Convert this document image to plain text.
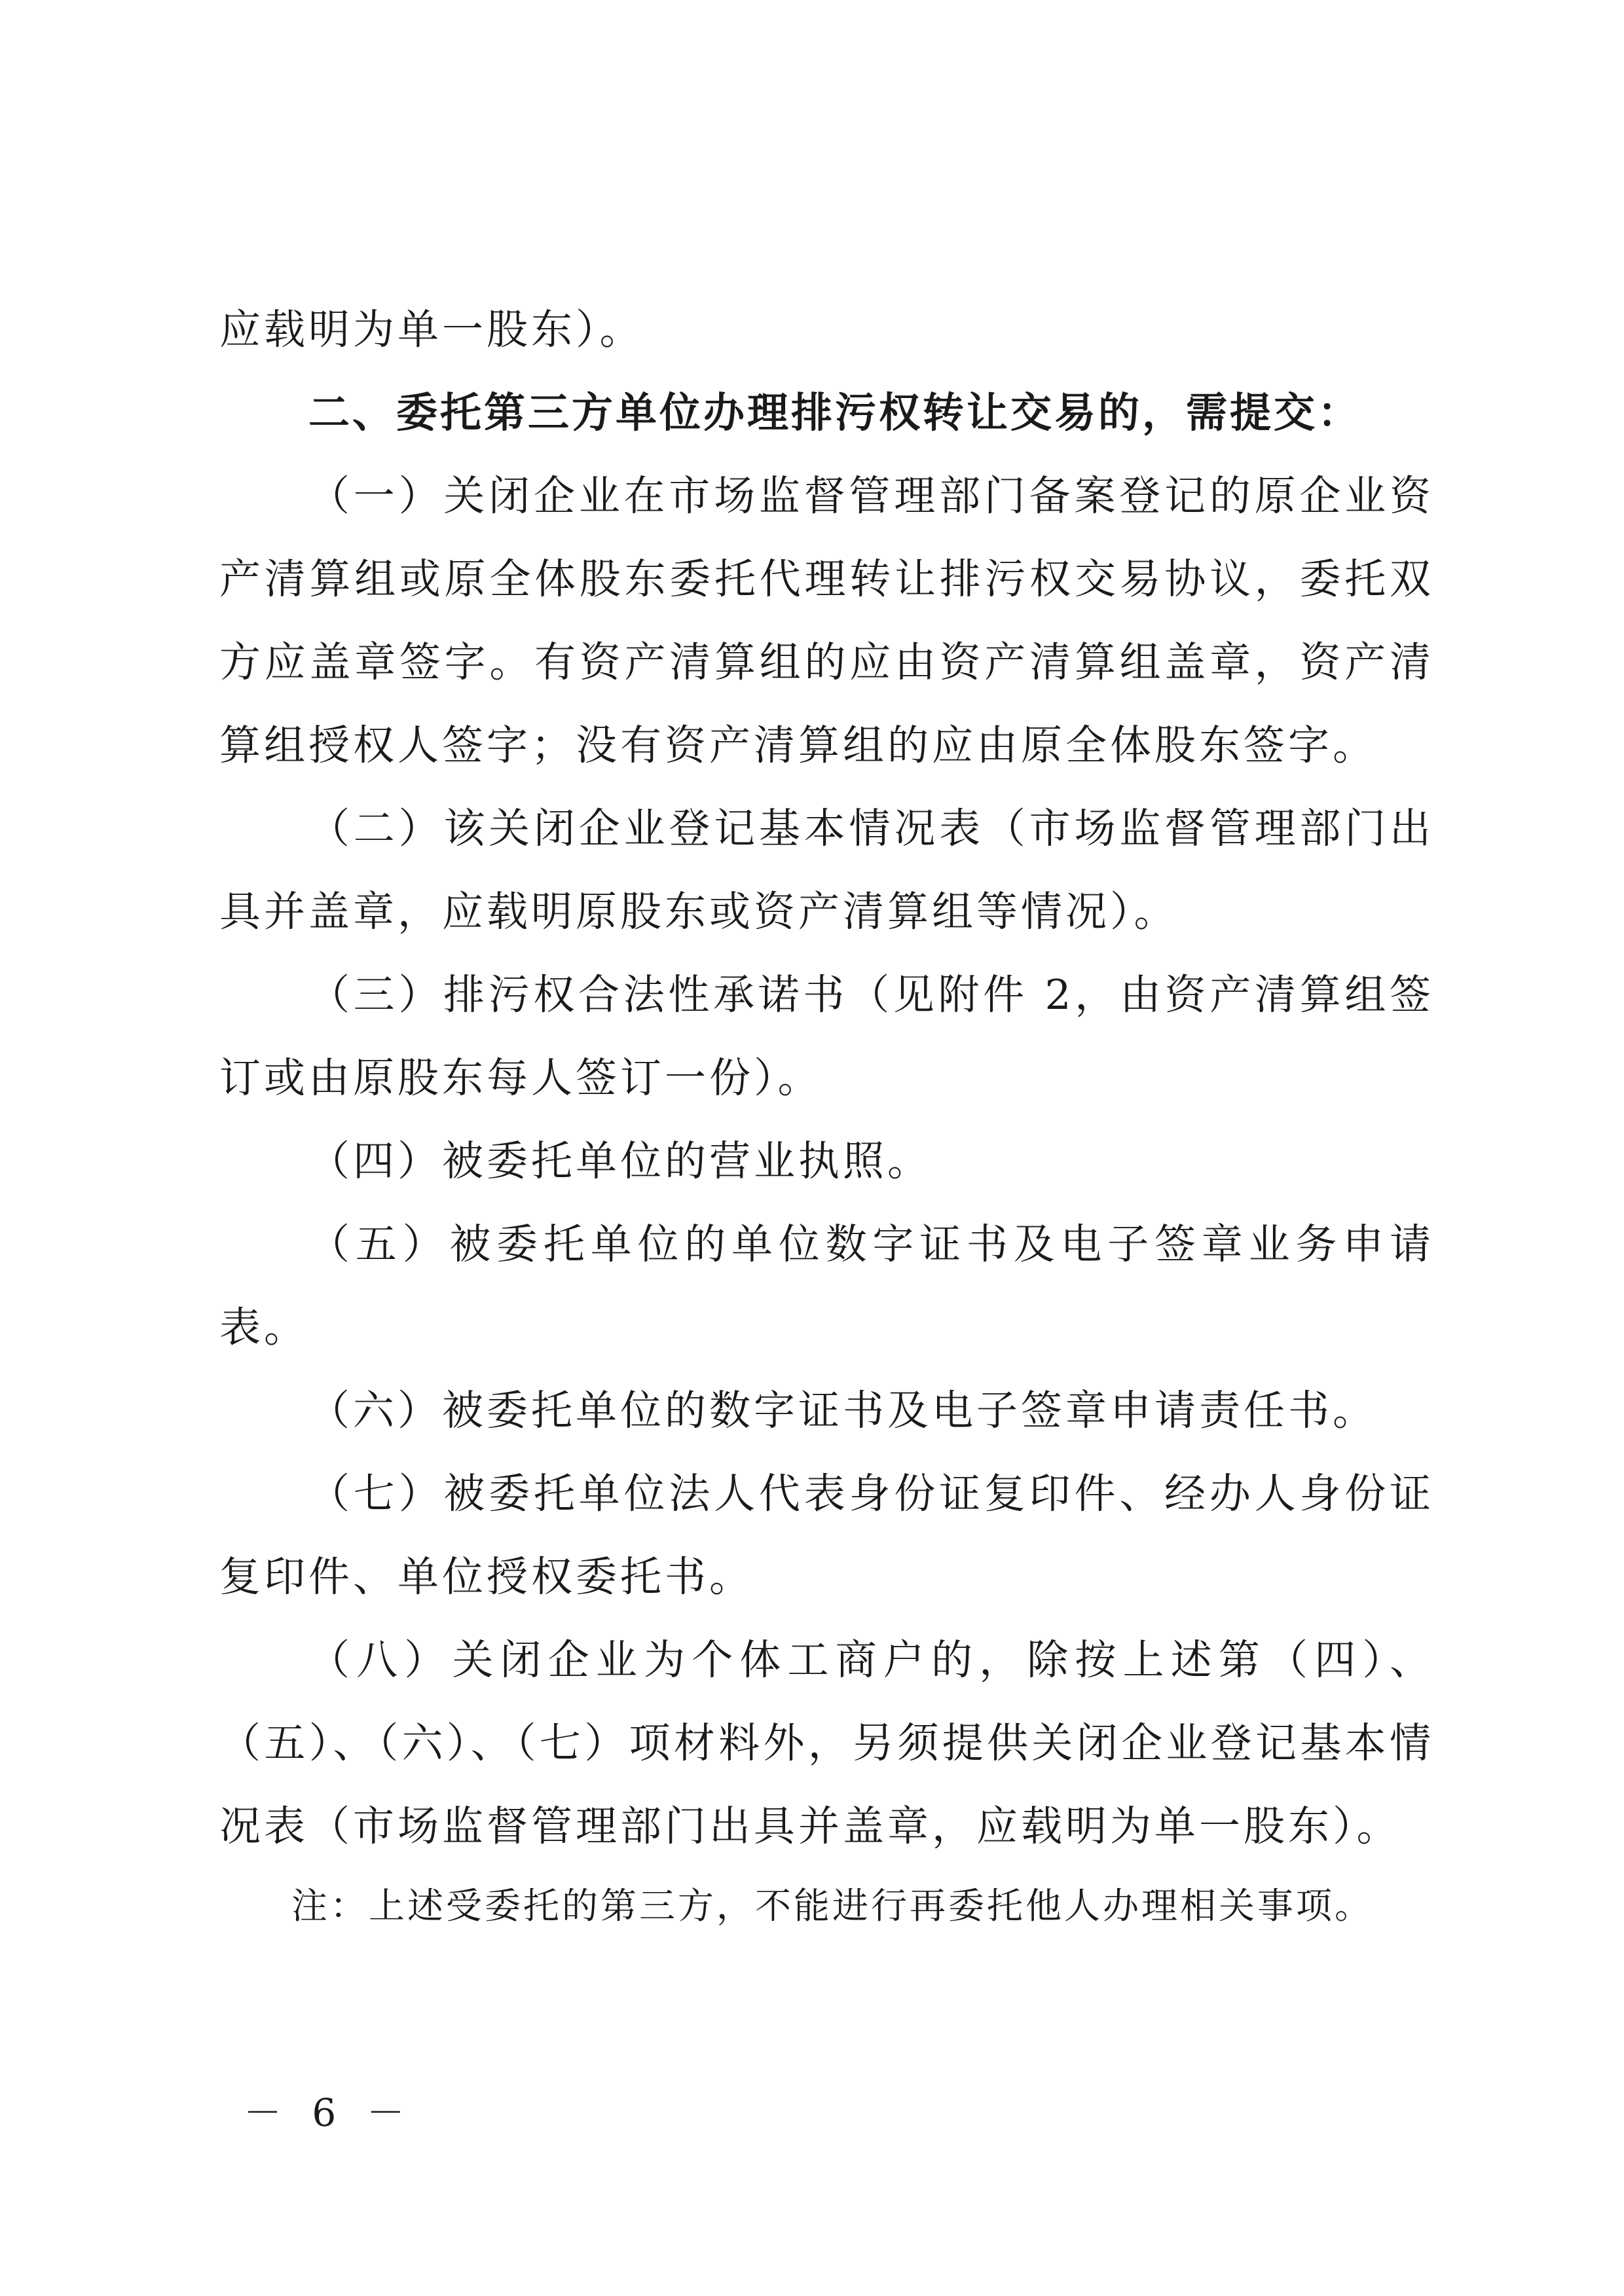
应载明为单一股东）。

二、委托第三方单位办理排污权转让交易的，需提交：

（一）关闭企业在市场监督管理部门备案登记的原企业资产清算组或原全体股东委托代理转让排污权交易协议，委托双方应盖章签字。有资产清算组的应由资产清算组盖章，资产清算组授权人签字；没有资产清算组的应由原全体股东签字。

（二）该关闭企业登记基本情况表（市场监督管理部门出具并盖章，应载明原股东或资产清算组等情况）。

（三）排污权合法性承诺书（见附件 2，由资产清算组签订或由原股东每人签订一份）。

（四）被委托单位的营业执照。

（五）被委托单位的单位数字证书及电子签章业务申请表。

（六）被委托单位的数字证书及电子签章申请责任书。

（七）被委托单位法人代表身份证复印件、经办人身份证复印件、单位授权委托书。

（八）关闭企业为个体工商户的，除按上述第（四）、（五）、（六）、（七）项材料外，另须提供关闭企业登记基本情况表（市场监督管理部门出具并盖章，应载明为单一股东）。

注：上述受委托的第三方，不能进行再委托他人办理相关事项。

－ 6 －
